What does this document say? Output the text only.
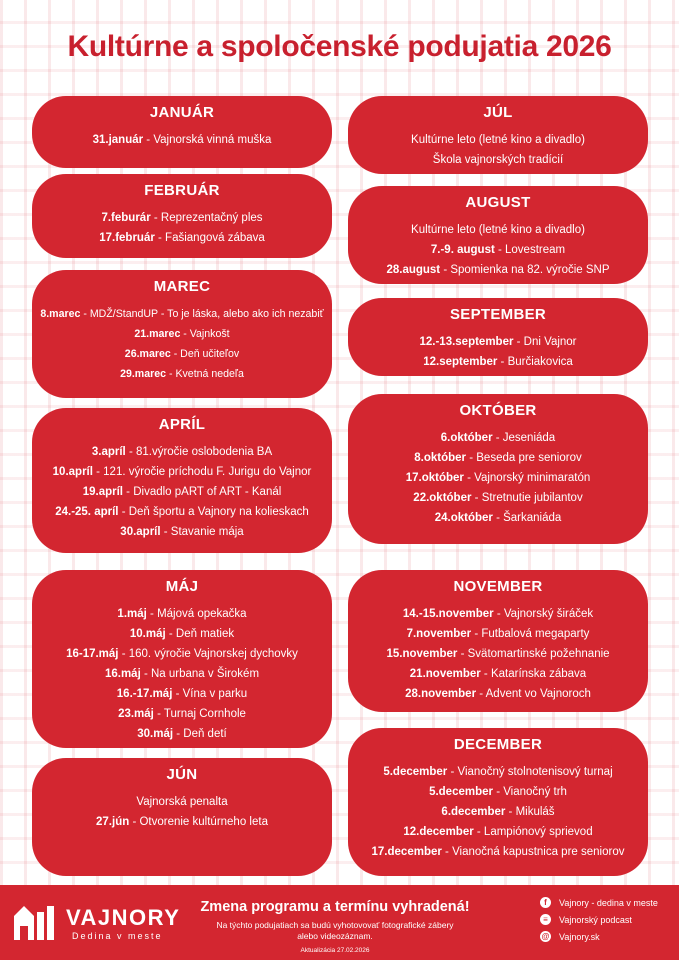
Kultúrne a spoločenské podujatia 2026
JANUÁR
31.január - Vajnorská vinná muška
FEBRUÁR
7.feburár - Reprezentačný ples
17.február - Fašiangová zábava
MAREC
8.marec - MDŽ/StandUP - To je láska, alebo ako ich nezabiť
21.marec - Vajnkošt
26.marec - Deň učiteľov
29.marec - Kvetná nedeľa
APRÍL
3.apríl - 81.výročie oslobodenia BA
10.apríl - 121. výročie príchodu F. Jurigu do Vajnor
19.apríl - Divadlo pART of ART - Kanál
24.-25. apríl - Deň športu a Vajnory na kolieskach
30.apríl - Stavanie mája
MÁJ
1.máj - Májová opekačka
10.máj - Deň matiek
16-17.máj - 160. výročie Vajnorskej dychovky
16.máj - Na urbana v Širokém
16.-17.máj - Vína v parku
23.máj - Turnaj Cornhole
30.máj - Deň detí
JÚN
Vajnorská penalta
27.jún - Otvorenie kultúrneho leta
JÚL
Kultúrne leto (letné kino a divadlo)
Škola vajnorských tradícií
AUGUST
Kultúrne leto (letné kino a divadlo)
7.-9. august - Lovestream
28.august - Spomienka na 82. výročie SNP
SEPTEMBER
12.-13.september - Dni Vajnor
12.september - Burčiakovica
OKTÓBER
6.október - Jeseniáda
8.október - Beseda pre seniorov
17.október - Vajnorský minimaratón
22.október - Stretnutie jubilantov
24.október - Šarkaniáda
NOVEMBER
14.-15.november - Vajnorský širáček
7.november - Futbalová megaparty
15.november - Svätomartinské požehnanie
21.november - Katarínska zábava
28.november - Advent vo Vajnoroch
DECEMBER
5.december - Vianočný stolnotenisový turnaj
5.december - Vianočný trh
6.december - Mikuláš
12.december - Lampiónový sprievod
17.december - Vianočná kapustnica pre seniorov
VAJNORY
Dedina v meste
Zmena programu a termínu vyhradená!
Na týchto podujatiach sa budú vyhotovovať fotografické zábery alebo videozáznam.
Aktualizácia 27.02.2026
f	Vajnory - dedina v meste
≡	Vajnorský podcast
@ Vajnory.sk
